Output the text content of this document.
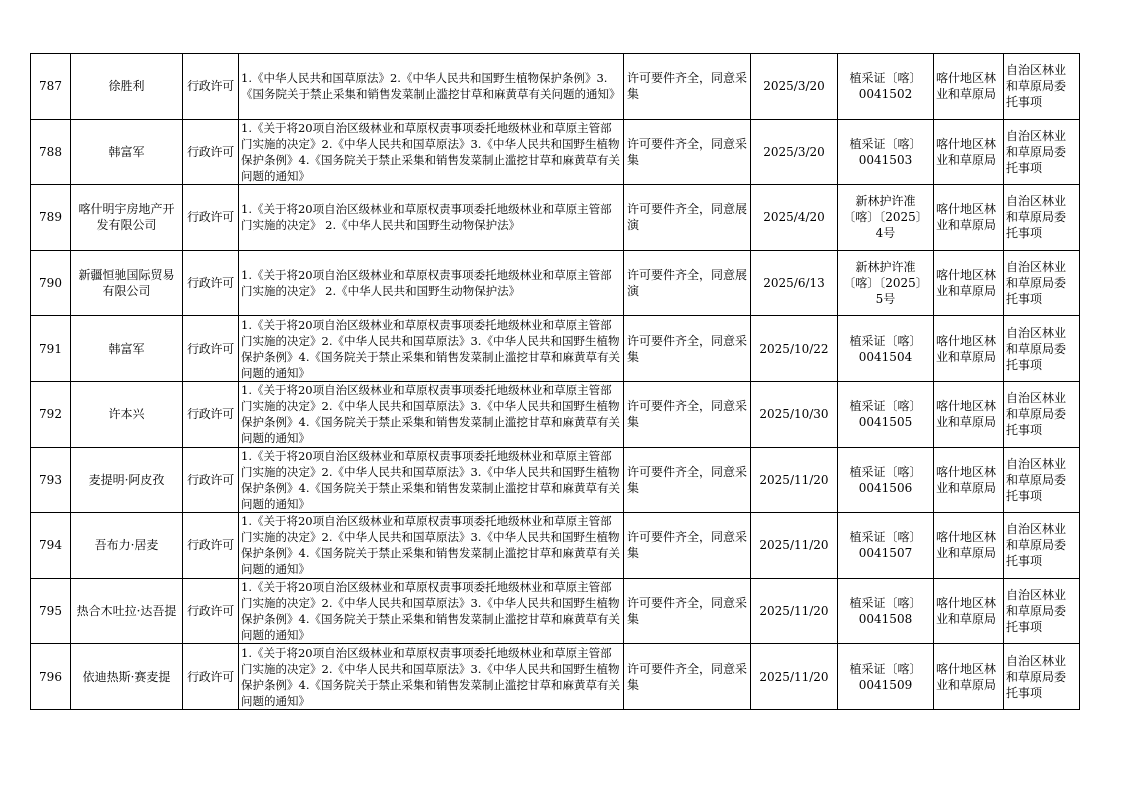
787	徐胜利	行政许可	1.《中华人民共和国草原法》2.《中华人民共和国野生植物保护条例》3.《国务院关于禁止采集和销售发菜制止滥挖甘草和麻黄草有关问题的通知》	许可要件齐全，同意采集	2025/3/20	植采证〔喀〕0041502	喀什地区林业和草原局	自治区林业和草原局委托事项
788	韩富军	行政许可	1.《关于将20项自治区级林业和草原权责事项委托地级林业和草原主管部门实施的决定》2.《中华人民共和国草原法》3.《中华人民共和国野生植物保护条例》4.《国务院关于禁止采集和销售发菜制止滥挖甘草和麻黄草有关问题的通知》	许可要件齐全，同意采集	2025/3/20	植采证〔喀〕0041503	喀什地区林业和草原局	自治区林业和草原局委托事项
789	喀什明宇房地产开发有限公司	行政许可	1.《关于将20项自治区级林业和草原权责事项委托地级林业和草原主管部门实施的决定》 2.《中华人民共和国野生动物保护法》	许可要件齐全，同意展演	2025/4/20	新林护许准〔喀〕〔2025〕4号	喀什地区林业和草原局	自治区林业和草原局委托事项
790	新疆恒驰国际贸易有限公司	行政许可	1.《关于将20项自治区级林业和草原权责事项委托地级林业和草原主管部门实施的决定》 2.《中华人民共和国野生动物保护法》	许可要件齐全，同意展演	2025/6/13	新林护许准〔喀〕〔2025〕5号	喀什地区林业和草原局	自治区林业和草原局委托事项
791	韩富军	行政许可	1.《关于将20项自治区级林业和草原权责事项委托地级林业和草原主管部门实施的决定》2.《中华人民共和国草原法》3.《中华人民共和国野生植物保护条例》4.《国务院关于禁止采集和销售发菜制止滥挖甘草和麻黄草有关问题的通知》	许可要件齐全，同意采集	2025/10/22	植采证〔喀〕0041504	喀什地区林业和草原局	自治区林业和草原局委托事项
792	许本兴	行政许可	1.《关于将20项自治区级林业和草原权责事项委托地级林业和草原主管部门实施的决定》2.《中华人民共和国草原法》3.《中华人民共和国野生植物保护条例》4.《国务院关于禁止采集和销售发菜制止滥挖甘草和麻黄草有关问题的通知》	许可要件齐全，同意采集	2025/10/30	植采证〔喀〕0041505	喀什地区林业和草原局	自治区林业和草原局委托事项
793	麦提明·阿皮孜	行政许可	1.《关于将20项自治区级林业和草原权责事项委托地级林业和草原主管部门实施的决定》2.《中华人民共和国草原法》3.《中华人民共和国野生植物保护条例》4.《国务院关于禁止采集和销售发菜制止滥挖甘草和麻黄草有关问题的通知》	许可要件齐全，同意采集	2025/11/20	植采证〔喀〕0041506	喀什地区林业和草原局	自治区林业和草原局委托事项
794	吾布力·居麦	行政许可	1.《关于将20项自治区级林业和草原权责事项委托地级林业和草原主管部门实施的决定》2.《中华人民共和国草原法》3.《中华人民共和国野生植物保护条例》4.《国务院关于禁止采集和销售发菜制止滥挖甘草和麻黄草有关问题的通知》	许可要件齐全，同意采集	2025/11/20	植采证〔喀〕0041507	喀什地区林业和草原局	自治区林业和草原局委托事项
795	热合木吐拉·达吾提	行政许可	1.《关于将20项自治区级林业和草原权责事项委托地级林业和草原主管部门实施的决定》2.《中华人民共和国草原法》3.《中华人民共和国野生植物保护条例》4.《国务院关于禁止采集和销售发菜制止滥挖甘草和麻黄草有关问题的通知》	许可要件齐全，同意采集	2025/11/20	植采证〔喀〕0041508	喀什地区林业和草原局	自治区林业和草原局委托事项
796	依迪热斯·赛麦提	行政许可	1.《关于将20项自治区级林业和草原权责事项委托地级林业和草原主管部门实施的决定》2.《中华人民共和国草原法》3.《中华人民共和国野生植物保护条例》4.《国务院关于禁止采集和销售发菜制止滥挖甘草和麻黄草有关问题的通知》	许可要件齐全，同意采集	2025/11/20	植采证〔喀〕0041509	喀什地区林业和草原局	自治区林业和草原局委托事项
